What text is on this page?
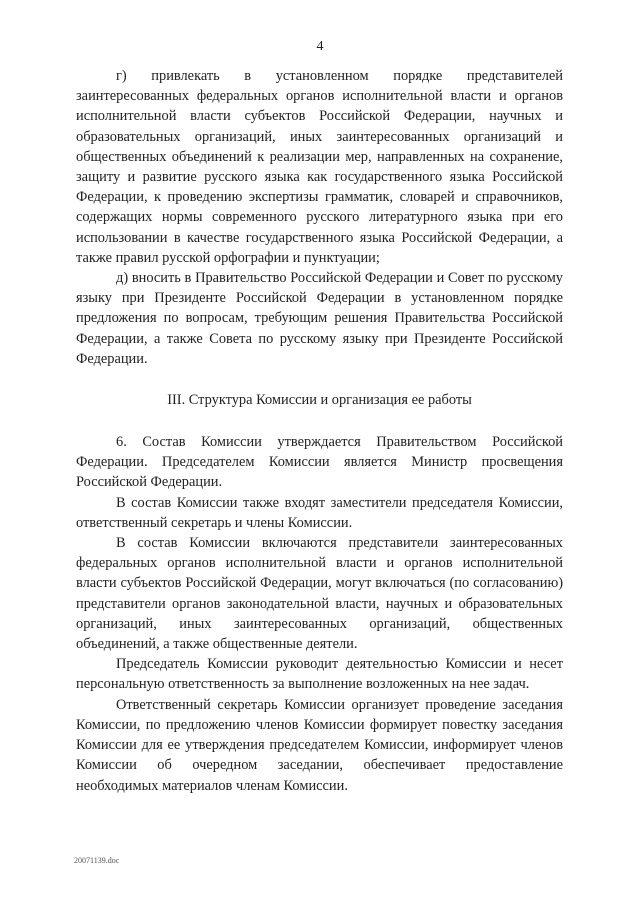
4

г) привлекать в установленном порядке представителей заинтересованных федеральных органов исполнительной власти и органов исполнительной власти субъектов Российской Федерации, научных и образовательных организаций, иных заинтересованных организаций и общественных объединений к реализации мер, направленных на сохранение, защиту и развитие русского языка как государственного языка Российской Федерации, к проведению экспертизы грамматик, словарей и справочников, содержащих нормы современного русского литературного языка при его использовании в качестве государственного языка Российской Федерации, а также правил русской орфографии и пунктуации;

д) вносить в Правительство Российской Федерации и Совет по русскому языку при Президенте Российской Федерации в установленном порядке предложения по вопросам, требующим решения Правительства Российской Федерации, а также Совета по русскому языку при Президенте Российской Федерации.

III. Структура Комиссии и организация ее работы

6. Состав Комиссии утверждается Правительством Российской Федерации. Председателем Комиссии является Министр просвещения Российской Федерации.

В состав Комиссии также входят заместители председателя Комиссии, ответственный секретарь и члены Комиссии.

В состав Комиссии включаются представители заинтересованных федеральных органов исполнительной власти и органов исполнительной власти субъектов Российской Федерации, могут включаться (по согласованию) представители органов законодательной власти, научных и образовательных организаций, иных заинтересованных организаций, общественных объединений, а также общественные деятели.

Председатель Комиссии руководит деятельностью Комиссии и несет персональную ответственность за выполнение возложенных на нее задач.

Ответственный секретарь Комиссии организует проведение заседания Комиссии, по предложению членов Комиссии формирует повестку заседания Комиссии для ее утверждения председателем Комиссии, информирует членов Комиссии об очередном заседании, обеспечивает предоставление необходимых материалов членам Комиссии.

20071139.doc
